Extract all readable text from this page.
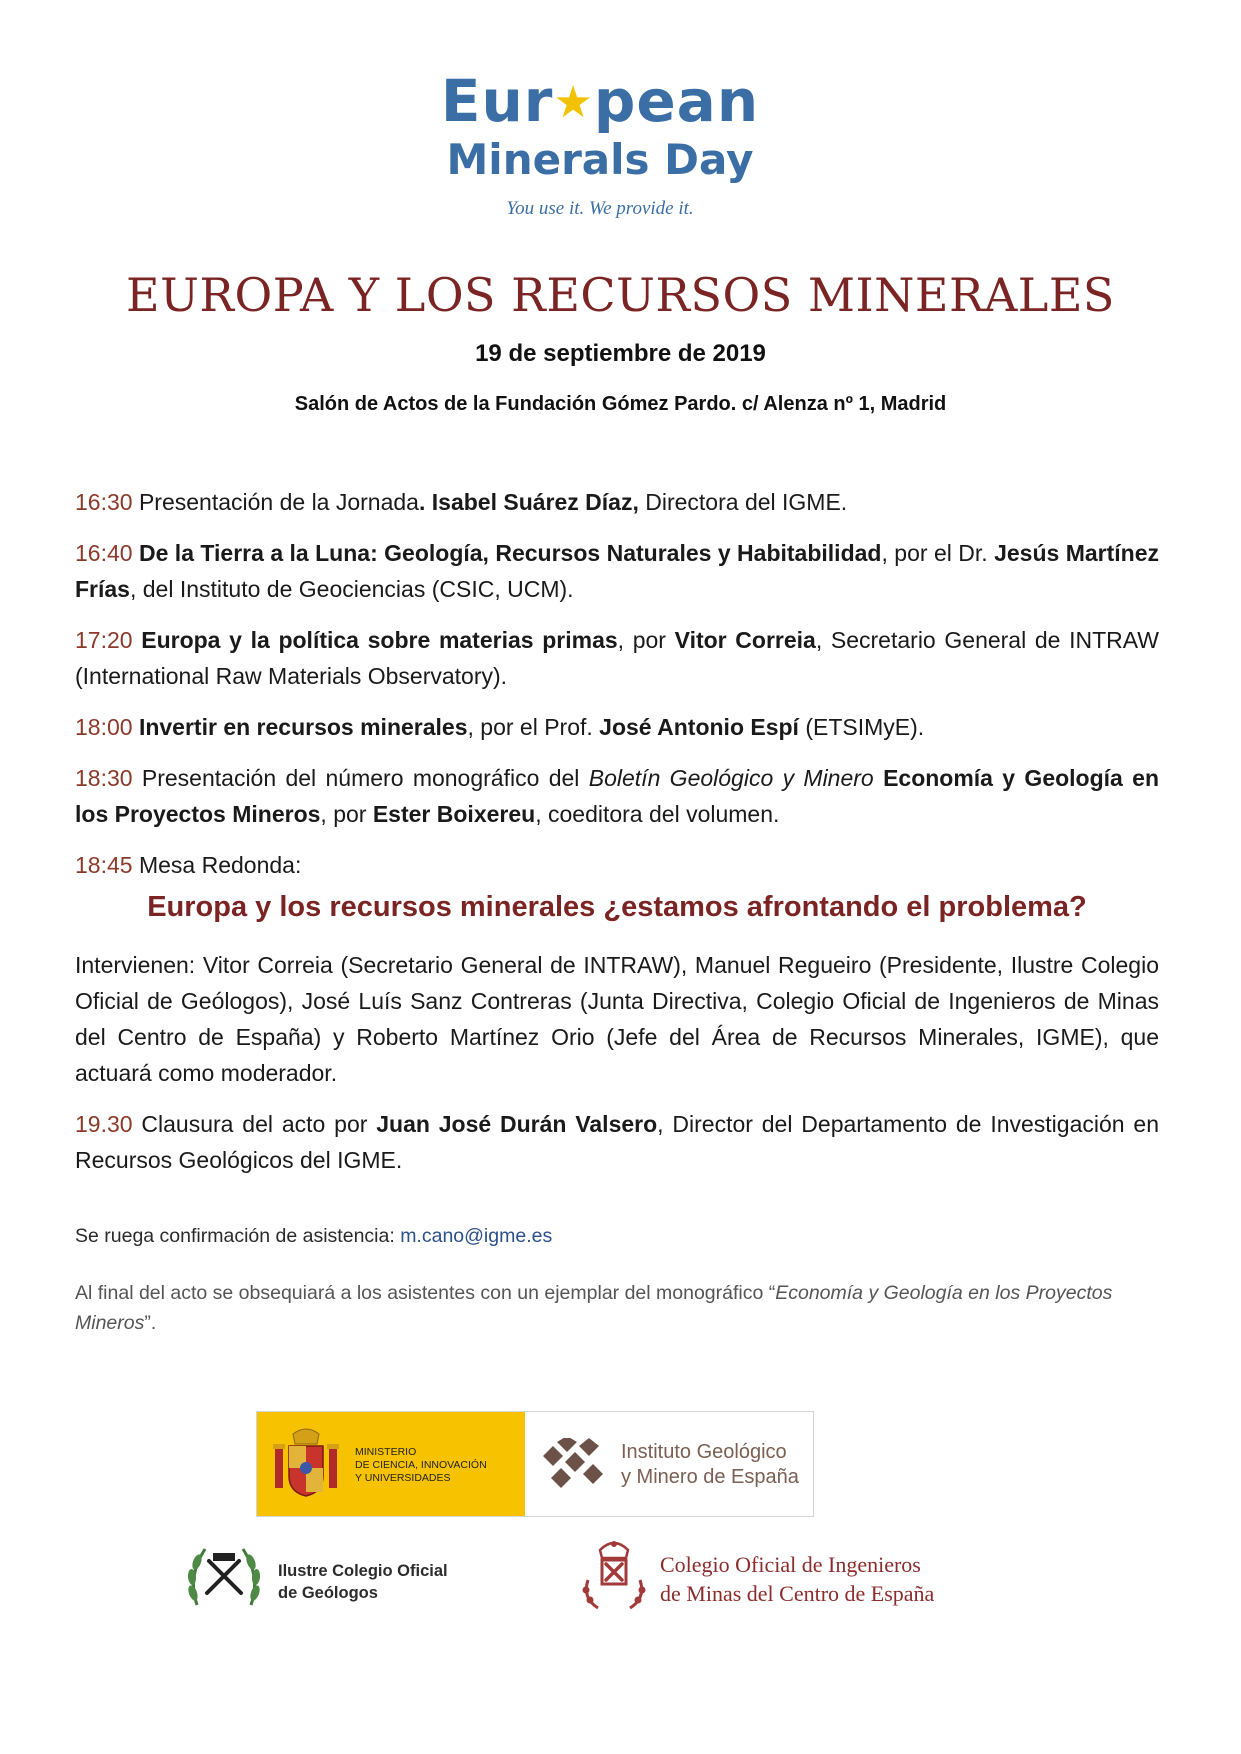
Eur★pean
Minerals Day
You use it. We provide it.
EUROPA Y LOS RECURSOS MINERALES
19 de septiembre de 2019
Salón de Actos de la Fundación Gómez Pardo. c/ Alenza nº 1, Madrid

16:30 Presentación de la Jornada. Isabel Suárez Díaz, Directora del IGME.

16:40 De la Tierra a la Luna: Geología, Recursos Naturales y Habitabilidad, por el Dr. Jesús Martínez Frías, del Instituto de Geociencias (CSIC, UCM).

17:20 Europa y la política sobre materias primas, por Vitor Correia, Secretario General de INTRAW (International Raw Materials Observatory).

18:00 Invertir en recursos minerales, por el Prof. José Antonio Espí (ETSIMyE).

18:30 Presentación del número monográfico del Boletín Geológico y Minero Economía y Geología en los Proyectos Mineros, por Ester Boixereu, coeditora del volumen.

18:45 Mesa Redonda:

Europa y los recursos minerales ¿estamos afrontando el problema?

Intervienen: Vitor Correia (Secretario General de INTRAW), Manuel Regueiro (Presidente, Ilustre Colegio Oficial de Geólogos), José Luís Sanz Contreras (Junta Directiva, Colegio Oficial de Ingenieros de Minas del Centro de España) y Roberto Martínez Orio (Jefe del Área de Recursos Minerales, IGME), que actuará como moderador.

19.30 Clausura del acto por Juan José Durán Valsero, Director del Departamento de Investigación en Recursos Geológicos del IGME.

Se ruega confirmación de asistencia: m.cano@igme.es
Al final del acto se obsequiará a los asistentes con un ejemplar del monográfico “Economía y Geología en los Proyectos Mineros”.
MINISTERIO
DE CIENCIA, INNOVACIÓN
Y UNIVERSIDADES
Instituto Geológico
y Minero de España
Ilustre Colegio Oficial
de Geólogos
Colegio Oficial de Ingenieros
de Minas del Centro de España
